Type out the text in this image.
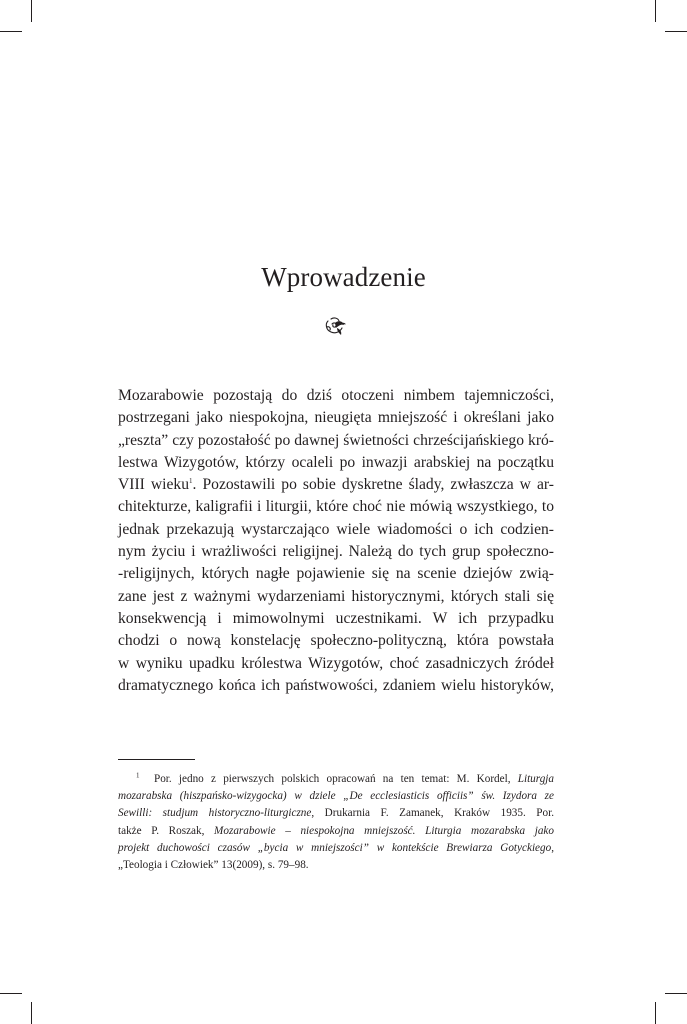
Wprowadzenie
Mozarabowie pozostają do dziś otoczeni nimbem tajemniczości,
postrzegani jako niespokojna, nieugięta mniejszość i określani jako
„reszta” czy pozostałość po dawnej świetności chrześcijańskiego kró-
lestwa Wizygotów, którzy ocaleli po inwazji arabskiej na początku
VIII wieku$^1$. Pozostawili po sobie dyskretne ślady, zwłaszcza w ar-
chitekturze, kaligrafii i liturgii, które choć nie mówią wszystkiego, to
jednak przekazują wystarczająco wiele wiadomości o ich codzien-
nym życiu i wrażliwości religijnej. Należą do tych grup społeczno-
-religijnych, których nagłe pojawienie się na scenie dziejów zwią-
zane jest z ważnymi wydarzeniami historycznymi, których stali się
konsekwencją i mimowolnymi uczestnikami. W ich przypadku
chodzi o nową konstelację społeczno-polityczną, która powstała
w wyniku upadku królestwa Wizygotów, choć zasadniczych źródeł
dramatycznego końca ich państwowości, zdaniem wielu historyków,
$^1$ Por. jedno z pierwszych polskich opracowań na ten temat: M. Kordel, Liturgja
mozarabska (hiszpańsko-wizygocka) w dziele „De ecclesiasticis officiis” św. Izydora ze
Sewilli: studjum historyczno-liturgiczne, Drukarnia F. Zamanek, Kraków 1935. Por.
także P. Roszak, Mozarabowie – niespokojna mniejszość. Liturgia mozarabska jako
projekt duchowości czasów „bycia w mniejszości” w kontekście Brewiarza Gotyckiego,
„Teologia i Człowiek” 13(2009), s. 79–98.
